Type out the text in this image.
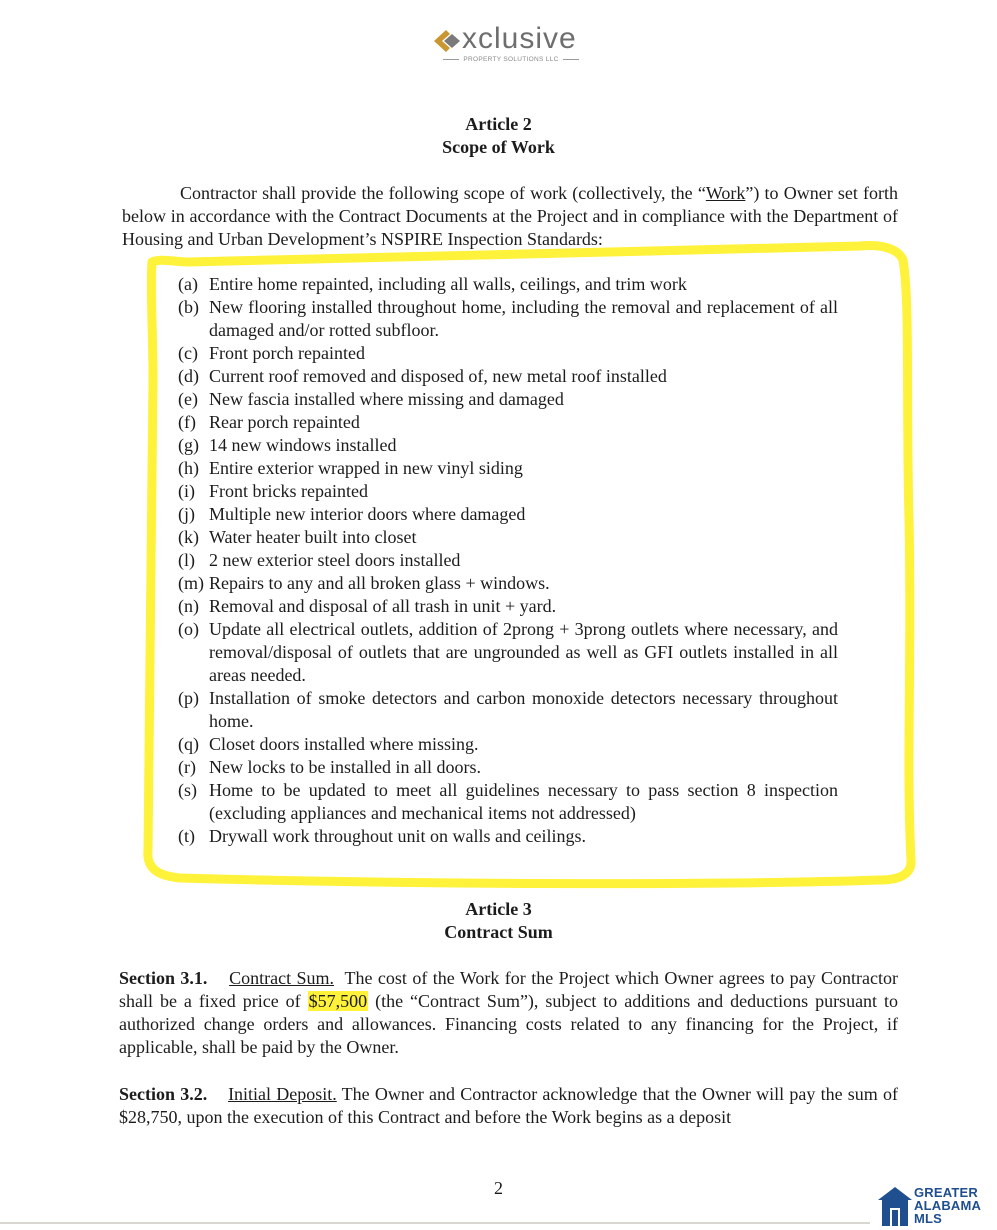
xclusive
PROPERTY SOLUTIONS LLC
Article 2
Scope of Work
Contractor shall provide the following scope of work (collectively, the “Work”) to Owner set forth below in accordance with the Contract Documents at the Project and in compliance with the Department of Housing and Urban Development’s NSPIRE Inspection Standards:
(a) Entire home repainted, including all walls, ceilings, and trim work
(b) New flooring installed throughout home, including the removal and replacement of all damaged and/or rotted subfloor.
(c) Front porch repainted
(d) Current roof removed and disposed of, new metal roof installed
(e) New fascia installed where missing and damaged
(f) Rear porch repainted
(g) 14 new windows installed
(h) Entire exterior wrapped in new vinyl siding
(i) Front bricks repainted
(j) Multiple new interior doors where damaged
(k) Water heater built into closet
(l) 2 new exterior steel doors installed
(m) Repairs to any and all broken glass + windows.
(n) Removal and disposal of all trash in unit + yard.
(o) Update all electrical outlets, addition of 2prong + 3prong outlets where necessary, and removal/disposal of outlets that are ungrounded as well as GFI outlets installed in all areas needed.
(p) Installation of smoke detectors and carbon monoxide detectors necessary throughout home.
(q) Closet doors installed where missing.
(r) New locks to be installed in all doors.
(s) Home to be updated to meet all guidelines necessary to pass section 8 inspection (excluding appliances and mechanical items not addressed)
(t) Drywall work throughout unit on walls and ceilings.
Article 3
Contract Sum
Section 3.1. Contract Sum. The cost of the Work for the Project which Owner agrees to pay Contractor shall be a fixed price of $57,500 (the “Contract Sum”), subject to additions and deductions pursuant to authorized change orders and allowances. Financing costs related to any financing for the Project, if applicable, shall be paid by the Owner.
Section 3.2. Initial Deposit. The Owner and Contractor acknowledge that the Owner will pay the sum of $28,750, upon the execution of this Contract and before the Work begins as a deposit
2	GREATER
ALABAMA
MLS
